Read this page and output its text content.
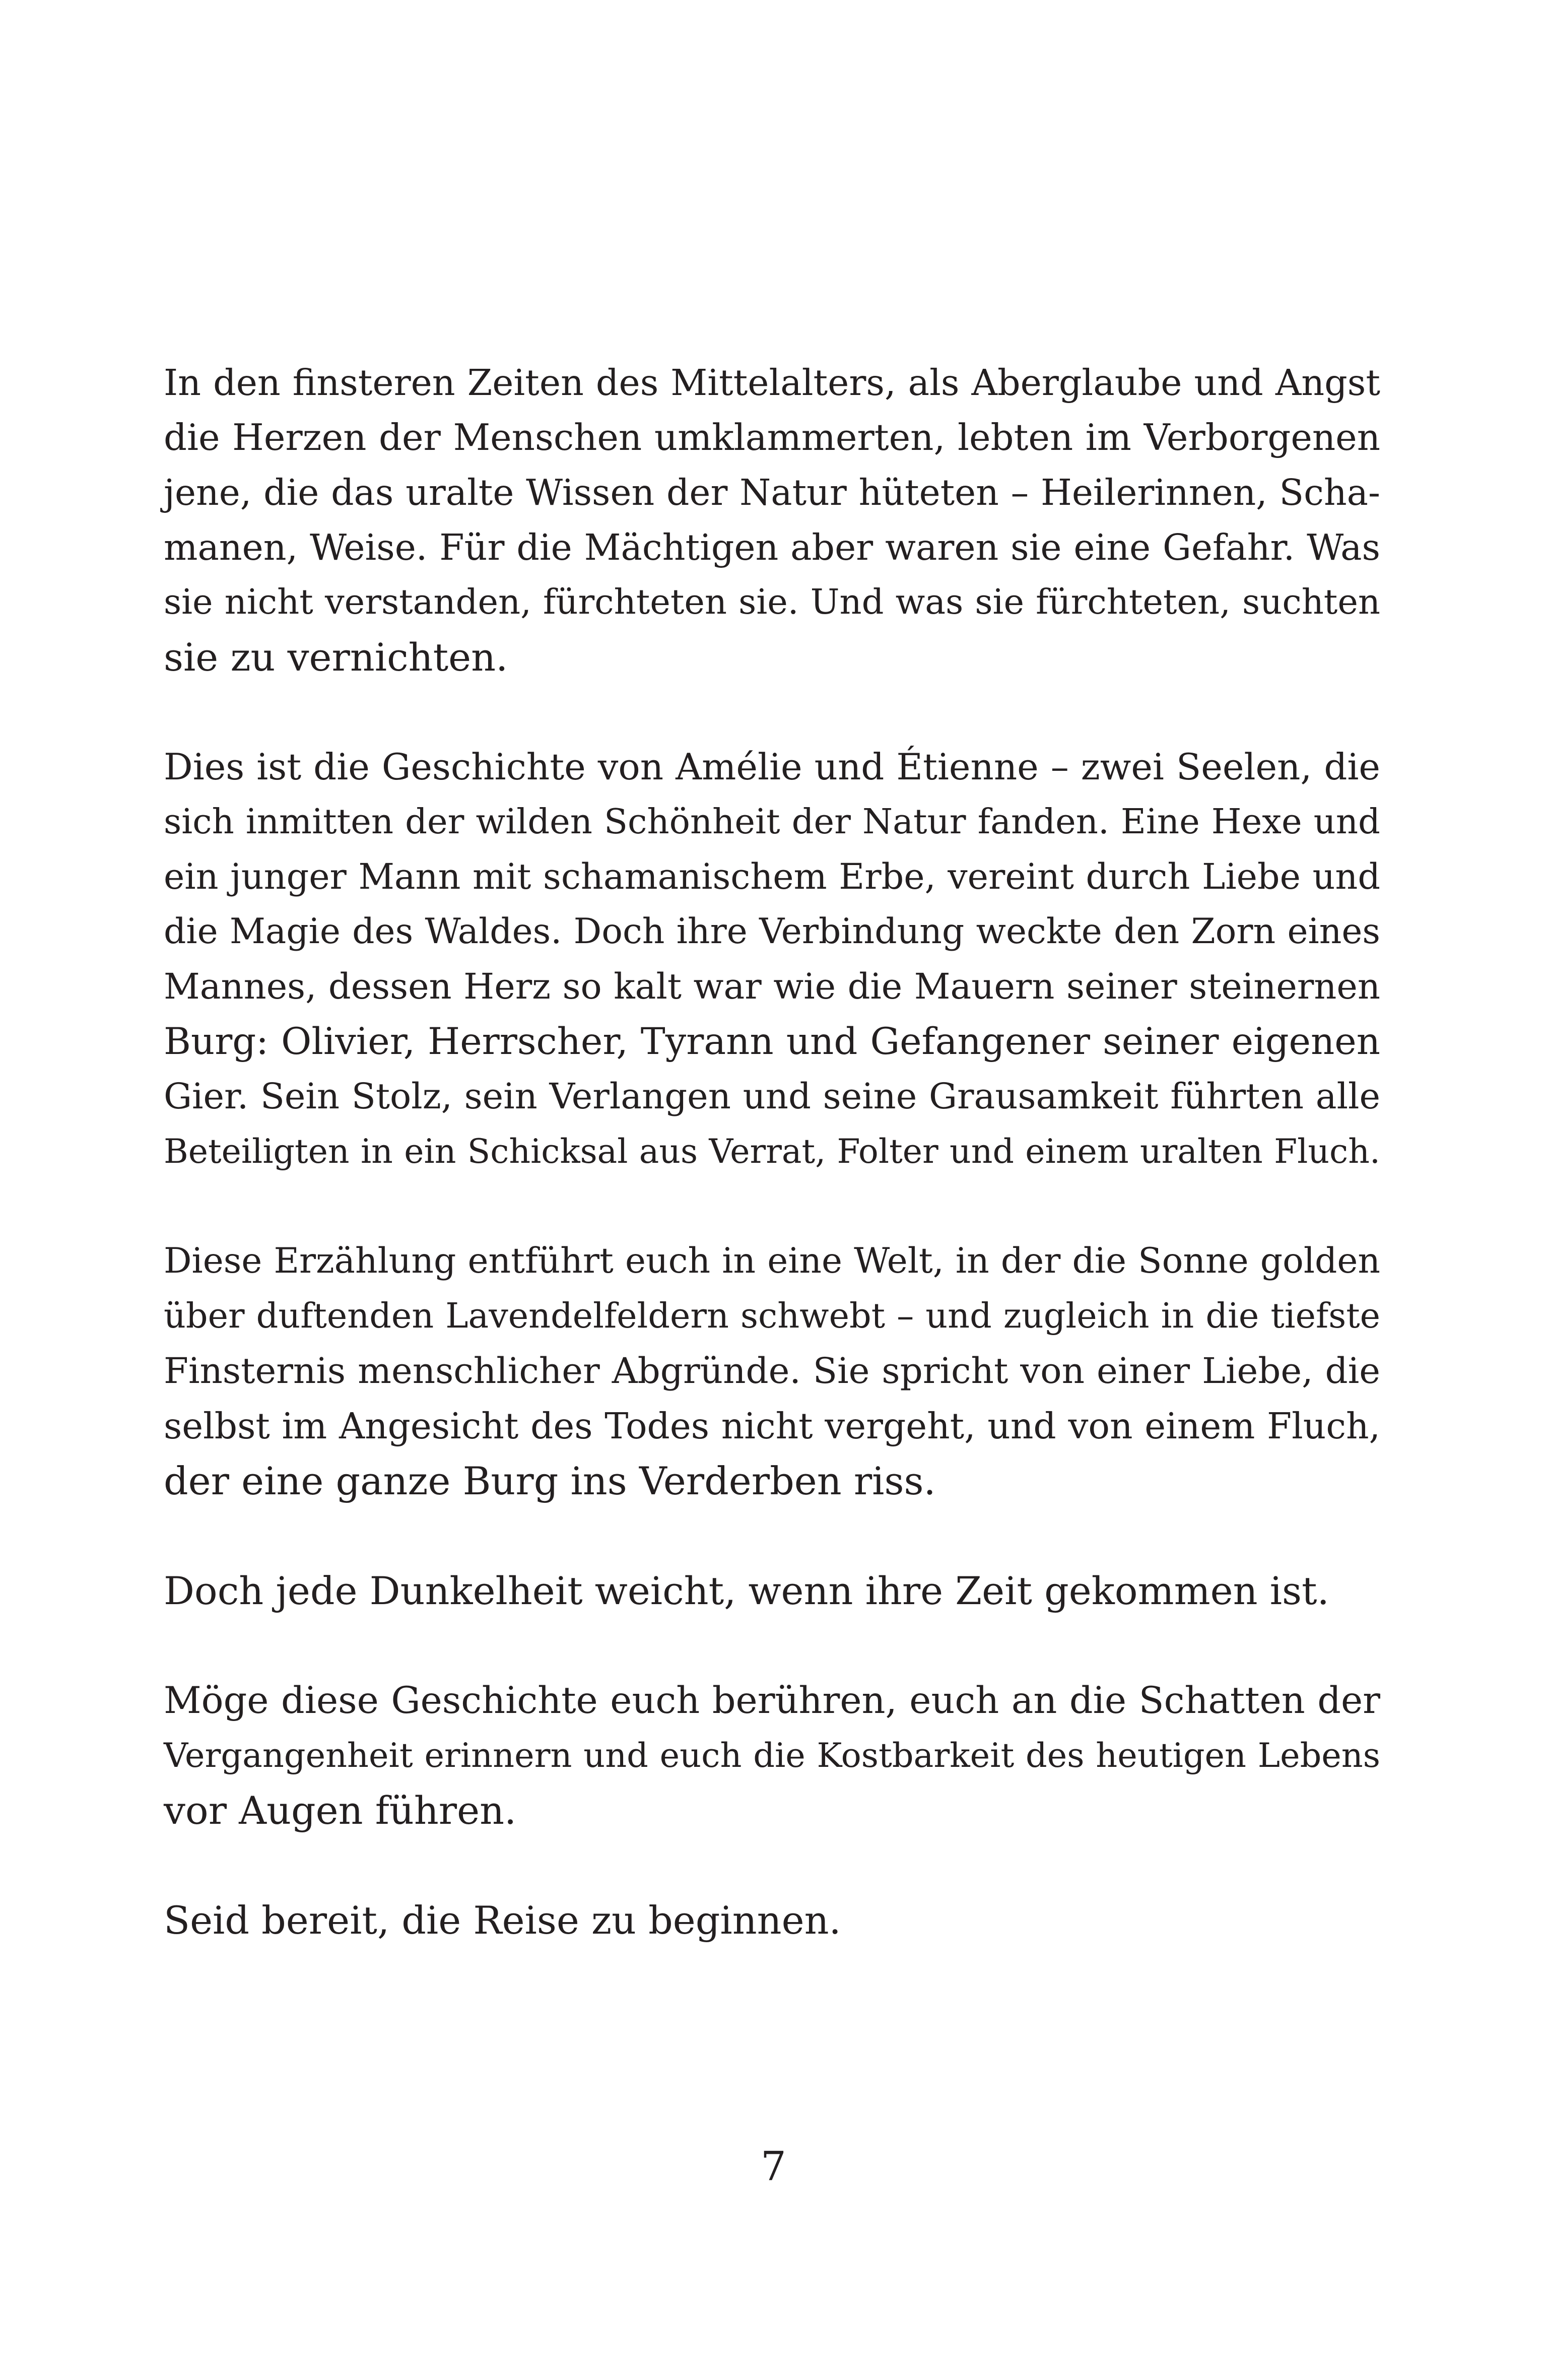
In den finsteren Zeiten des Mittelalters, als Aberglaube und Angst
die Herzen der Menschen umklammerten, lebten im Verborgenen
jene, die das uralte Wissen der Natur hüteten – Heilerinnen, Scha-
manen, Weise. Für die Mächtigen aber waren sie eine Gefahr. Was
sie nicht verstanden, fürchteten sie. Und was sie fürchteten, suchten
sie zu vernichten.
Dies ist die Geschichte von Amélie und Étienne – zwei Seelen, die
sich inmitten der wilden Schönheit der Natur fanden. Eine Hexe und
ein junger Mann mit schamanischem Erbe, vereint durch Liebe und
die Magie des Waldes. Doch ihre Verbindung weckte den Zorn eines
Mannes, dessen Herz so kalt war wie die Mauern seiner steinernen
Burg: Olivier, Herrscher, Tyrann und Gefangener seiner eigenen
Gier. Sein Stolz, sein Verlangen und seine Grausamkeit führten alle
Beteiligten in ein Schicksal aus Verrat, Folter und einem uralten Fluch.
Diese Erzählung entführt euch in eine Welt, in der die Sonne golden
über duftenden Lavendelfeldern schwebt – und zugleich in die tiefste
Finsternis menschlicher Abgründe. Sie spricht von einer Liebe, die
selbst im Angesicht des Todes nicht vergeht, und von einem Fluch,
der eine ganze Burg ins Verderben riss.
Doch jede Dunkelheit weicht, wenn ihre Zeit gekommen ist.
Möge diese Geschichte euch berühren, euch an die Schatten der
Vergangenheit erinnern und euch die Kostbarkeit des heutigen Lebens
vor Augen führen.
Seid bereit, die Reise zu beginnen.
7
